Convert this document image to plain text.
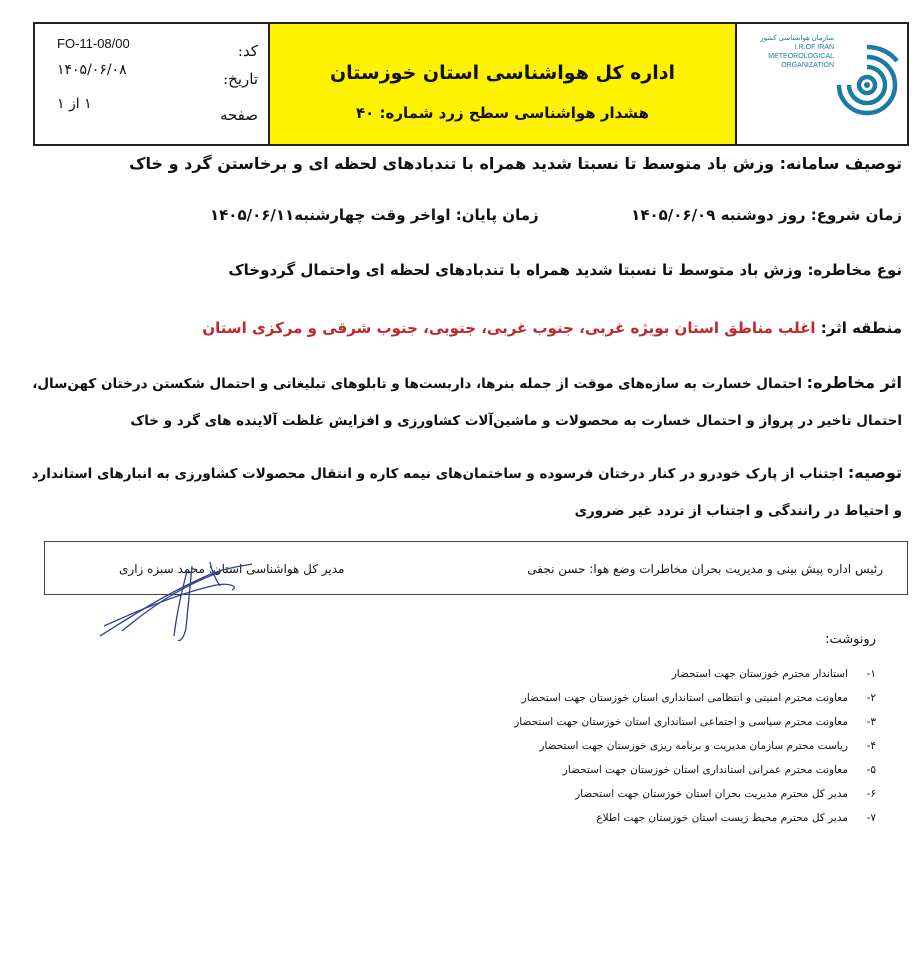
FO-11-08/00	کد:
۱۴۰۵/۰۶/۰۸	تاریخ:
۱ از ۱
صفحه
اداره کل هواشناسی استان خوزستان
هشدار هواشناسی سطح زرد شماره: ۴۰
سازمان هواشناسی کشور
I.R.OF IRAN
METEOROLOGICAL
ORGANIZATION
توصیف سامانه: وزش باد متوسط تا نسبتا شدید همراه با تندبادهای لحظه ای و برخاستن گرد و خاک
زمان شروع: روز دوشنبه ۱۴۰۵/۰۶/۰۹
زمان پایان: اواخر وقت چهارشنبه۱۴۰۵/۰۶/۱۱
نوع مخاطره: وزش باد متوسط تا نسبتا شدید همراه با تندبادهای لحظه ای واحتمال گردوخاک
منطقه اثر: اغلب مناطق استان بویژه غربی، جنوب غربی، جنوبی، جنوب شرقی و مرکزی استان
اثر مخاطره: احتمال خسارت به سازه‌های موقت از جمله بنرها، داربست‌ها و تابلوهای تبلیغاتی و احتمال شکستن درختان کهن‌سال،
احتمال تاخیر در پرواز و احتمال خسارت به محصولات و ماشین‌آلات کشاورزی و افزایش غلظت آلاینده های گرد و خاک
توصیه: اجتناب از پارک خودرو در کنار درختان فرسوده و ساختمان‌های نیمه کاره و انتقال محصولات کشاورزی به انبارهای استاندارد
و احتیاط در رانندگی و اجتناب از تردد غیر ضروری
رئیس اداره پیش بینی و مدیریت بحران مخاطرات وضع هوا: حسن نجفی
مدیر کل هواشناسی استان: محمد سبزه زاری
رونوشت:
۱-استاندار محترم خوزستان جهت استحضار
۲-معاونت محترم امنیتی و انتظامی استانداری استان خوزستان جهت استحضار
۳-معاونت محترم سیاسی و اجتماعی استانداری استان خوزستان جهت استحضار
۴-ریاست محترم سازمان مدیریت و برنامه ریزی خوزستان جهت استحضار
۵-معاونت محترم عمرانی استانداری استان خوزستان جهت استحضار
۶-مدیر کل محترم مدیریت بحران استان خوزستان جهت استحضار
۷-مدیر کل محترم محیط زیست استان خوزستان جهت اطلاع
